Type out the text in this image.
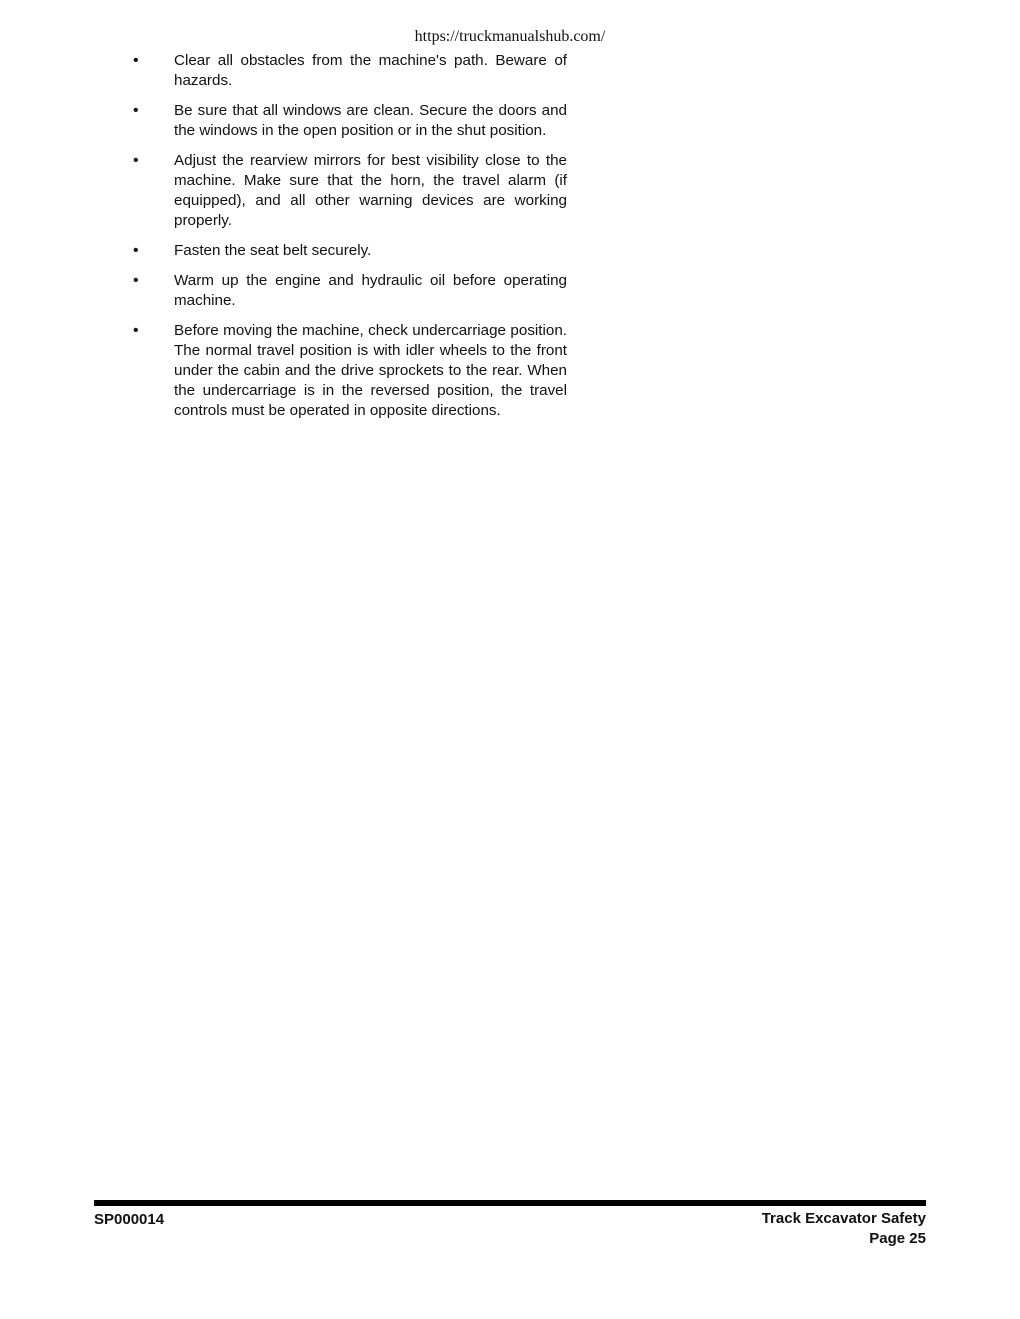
https://truckmanualshub.com/
• Clear all obstacles from the machine's path. Beware of hazards.
• Be sure that all windows are clean. Secure the doors and the windows in the open position or in the shut position.
• Adjust the rearview mirrors for best visibility close to the machine. Make sure that the horn, the travel alarm (if equipped), and all other warning devices are working properly.
• Fasten the seat belt securely.
• Warm up the engine and hydraulic oil before operating machine.
• Before moving the machine, check undercarriage position. The normal travel position is with idler wheels to the front under the cabin and the drive sprockets to the rear. When the undercarriage is in the reversed position, the travel controls must be operated in opposite directions.
SP000014	Track Excavator Safety
Page 25
